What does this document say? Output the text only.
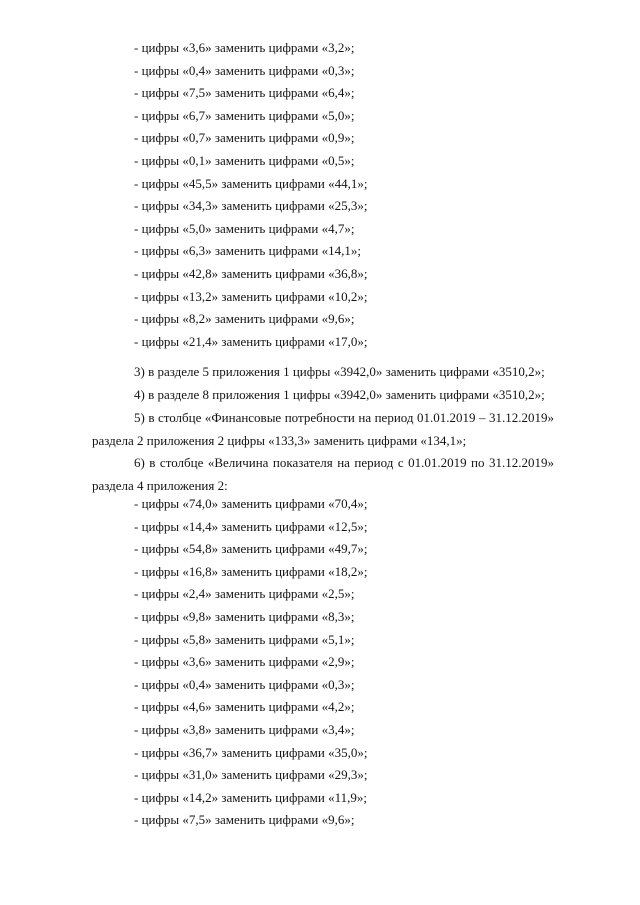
- цифры «3,6» заменить цифрами «3,2»;
- цифры «0,4» заменить цифрами «0,3»;
- цифры «7,5» заменить цифрами «6,4»;
- цифры «6,7» заменить цифрами «5,0»;
- цифры «0,7» заменить цифрами «0,9»;
- цифры «0,1» заменить цифрами «0,5»;
- цифры «45,5» заменить цифрами «44,1»;
- цифры «34,3» заменить цифрами «25,3»;
- цифры «5,0» заменить цифрами «4,7»;
- цифры «6,3» заменить цифрами «14,1»;
- цифры «42,8» заменить цифрами «36,8»;
- цифры «13,2» заменить цифрами «10,2»;
- цифры «8,2» заменить цифрами «9,6»;
- цифры «21,4» заменить цифрами «17,0»;

3) в разделе 5 приложения 1 цифры «3942,0» заменить цифрами «3510,2»;

4) в разделе 8 приложения 1 цифры «3942,0» заменить цифрами «3510,2»;

5) в столбце «Финансовые потребности на период 01.01.2019 – 31.12.2019»
раздела 2 приложения 2 цифры «133,3» заменить цифрами «134,1»;
6) в столбце «Величина показателя на период с 01.01.2019 по 31.12.2019»
раздела 4 приложения 2:
- цифры «74,0» заменить цифрами «70,4»;
- цифры «14,4» заменить цифрами «12,5»;
- цифры «54,8» заменить цифрами «49,7»;
- цифры «16,8» заменить цифрами «18,2»;
- цифры «2,4» заменить цифрами «2,5»;
- цифры «9,8» заменить цифрами «8,3»;
- цифры «5,8» заменить цифрами «5,1»;
- цифры «3,6» заменить цифрами «2,9»;
- цифры «0,4» заменить цифрами «0,3»;
- цифры «4,6» заменить цифрами «4,2»;
- цифры «3,8» заменить цифрами «3,4»;
- цифры «36,7» заменить цифрами «35,0»;
- цифры «31,0» заменить цифрами «29,3»;
- цифры «14,2» заменить цифрами «11,9»;
- цифры «7,5» заменить цифрами «9,6»;
